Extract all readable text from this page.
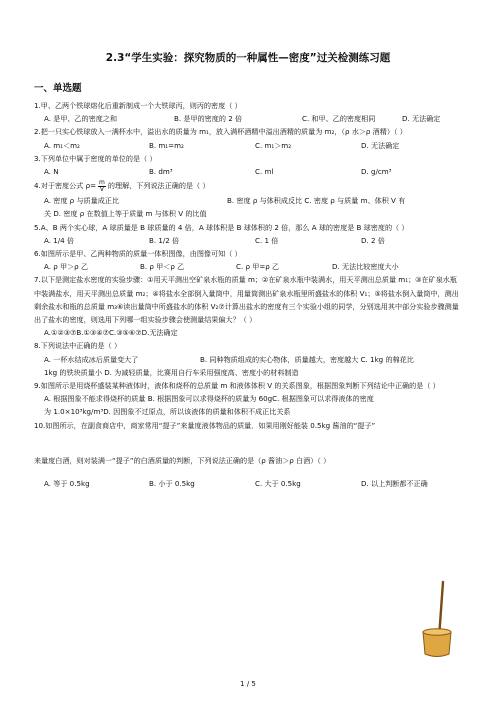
2.3“学生实验：探究物质的一种属性—密度”过关检测练习题
一、单选题

1.甲、乙两个铁球熔化后重新制成一个大铁球丙，则丙的密度（ ）

A. 是甲、乙的密度之和	B. 是甲的密度的 2 倍	C. 和甲、乙的密度相同	D. 无法确定

2.把一只实心铁球放入一满杯水中，溢出水的质量为 m₁，放入满杯酒精中溢出酒精的质量为 m₂，（ρ 水＞ρ 酒精）（ ）

A. m₁＜m₂	B. m₁=m₂	C. m₁＞m₂	D. 无法确定

3.下列单位中属于密度的单位的是（ ）

A. N	B. dm³	C. ml	D. g/cm³

4.对于密度公式 $\rho= \frac{m}{V}$ 的理解，下列说法正确的是（ ）

A. 密度 ρ 与质量成正比	B. 密度 ρ 与体积成反比 C. 密度 ρ 与质量 m、体积 V 有

关 D. 密度 ρ 在数值上等于质量 m 与体积 V 的比值

5.A、B 两个实心球，A 球质量是 B 球质量的 4 倍，A 球体积是 B 球体积的 2 倍，那么 A 球的密度是 B 球密度的（ ）

A. 1/4 倍	B. 1/2 倍	C. 1 倍	D. 2 倍

6.如图所示是甲、乙两种物质的质量一体积图像，由图像可知（ ）

A. ρ 甲＞ρ 乙	B. ρ 甲＜ρ 乙	C. ρ 甲=ρ 乙	D. 无法比较密度大小

7.以下是测定盐水密度的实验步骤：①用天平测出空矿泉水瓶的质量 m；②在矿泉水瓶中装满水，用天平测出总质量 m₁；③在矿泉水瓶中装满盐水，用天平测出总质量 m₂；④将盐水全部倒入量筒中，用量筒测出矿泉水瓶里所盛盐水的体积 V₁；⑤将盐水倒入量筒中，测出剩余盐水和瓶的总质量 m₃⑥读出量筒中所盛盐水的体积 V₂⑦计算出盐水的密度有三个实验小组的同学，分别选用其中部分实验步骤测量出了盐水的密度，则选用下列哪一组实验步骤会使测量结果偏大？（ ）

A.①②③⑦B.①③④⑦C.③⑤⑥⑦D.无法确定

8.下列说法中正确的是（ ）

A. 一杯水结成冰后质量变大了	B. 同种物质组成的实心物体，质量越大，密度越大 C. 1kg 的棉花比

1kg 的铁块质量小 D. 为减轻质量，比赛用自行车采用强度高、密度小的材料制造

9.如图所示是用烧杯盛装某种液体时，液体和烧杯的总质量 m 和液体体积 V 的关系图象，根据图象判断下列结论中正确的是（ ）

A. 根据图象不能求得烧杯的质量 B. 根据图象可以求得烧杯的质量为 60gC. 根据图象可以求得液体的密度

为 1.0×10³kg/m³D. 因图象不过原点，所以该液体的质量和体积不成正比关系

10.如图所示，在副食商店中，商家常用“提子”来量度液体物品的质量．如果用刚好能装 0.5kg 酱油的“提子”

来量度白酒，则对装满一“提子”的白酒质量的判断，下列说法正确的是（ρ 酱油＞ρ 白酒）（ ）

A. 等于 0.5kg	B. 小于 0.5kg	C. 大于 0.5kg	D. 以上判断都不正确

1 / 5
